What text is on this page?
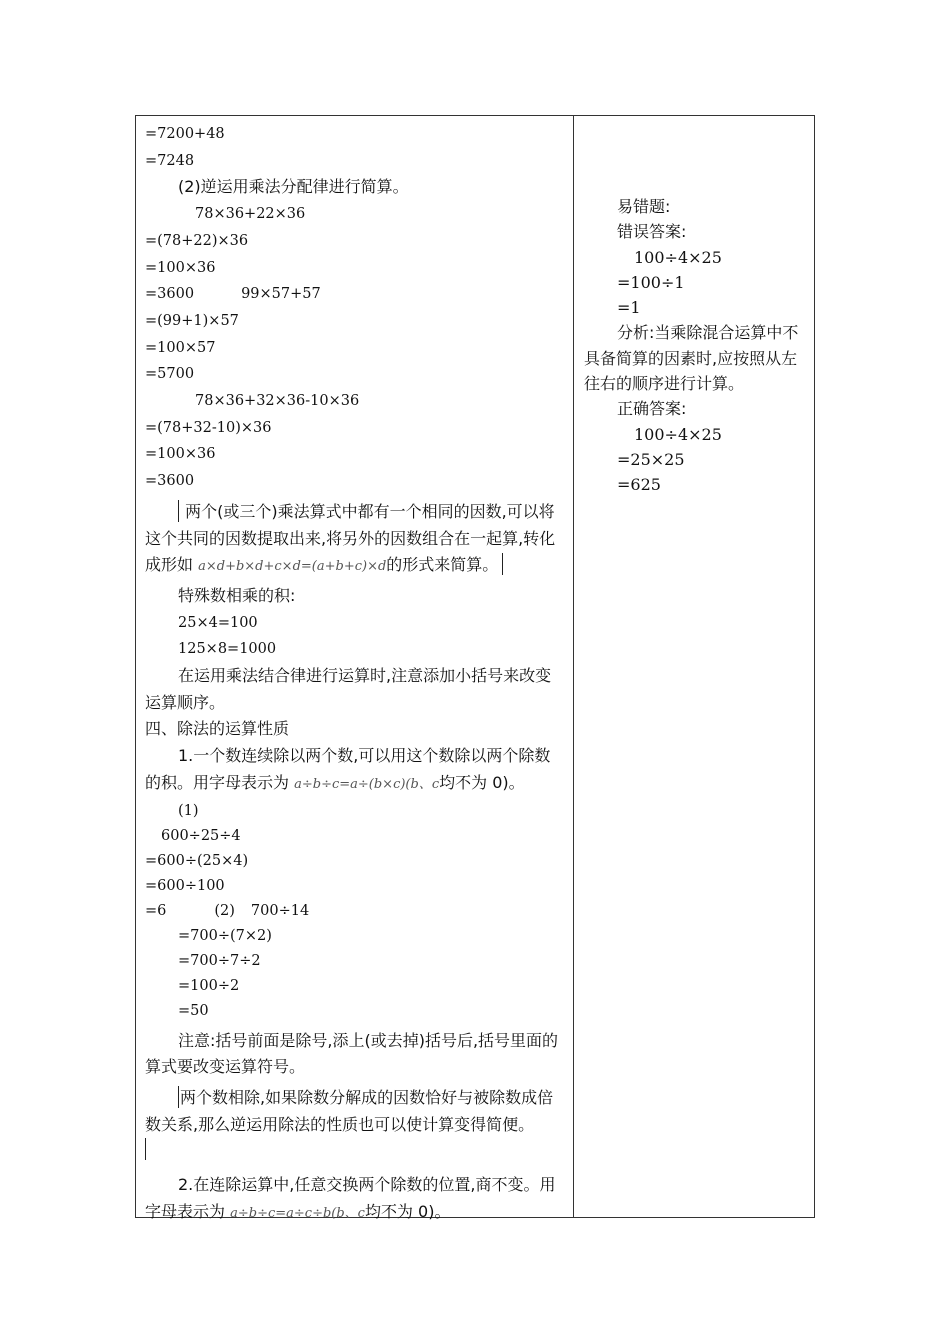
=7200+48
=7248
(2)逆运用乘法分配律进行简算。
78×36+22×36
=(78+22)×36
=100×36
=3600	99×57+57
=(99+1)×57
=100×57
=5700
78×36+32×36-10×36
=(78+32-10)×36
=100×36
=3600
两个(或三个)乘法算式中都有一个相同的因数,可以将这个共同的因数提取出来,将另外的因数组合在一起算,转化成形如 a×d+b×d+c×d=(a+b+c)×d的形式来简算。
特殊数相乘的积:
25×4=100
125×8=1000
在运用乘法结合律进行运算时,注意添加小括号来改变运算顺序。
四、除法的运算性质
1.一个数连续除以两个数,可以用这个数除以两个除数的积。用字母表示为 a÷b÷c=a÷(b×c)(b、c均不为 0)。
(1)
600÷25÷4
=600÷(25×4)
=600÷100
=6	(2) 700÷14
=700÷(7×2)
=700÷7÷2
=100÷2
=50
注意:括号前面是除号,添上(或去掉)括号后,括号里面的算式要改变运算符号。
两个数相除,如果除数分解成的因数恰好与被除数成倍数关系,那么逆运用除法的性质也可以使计算变得简便。
2.在连除运算中,任意交换两个除数的位置,商不变。用字母表示为 a÷b÷c=a÷c÷b(b、c均不为 0)。
易错题:
错误答案:
100÷4×25
=100÷1
=1
分析:当乘除混合运算中不具备简算的因素时,应按照从左往右的顺序进行计算。
正确答案:
100÷4×25
=25×25
=625
